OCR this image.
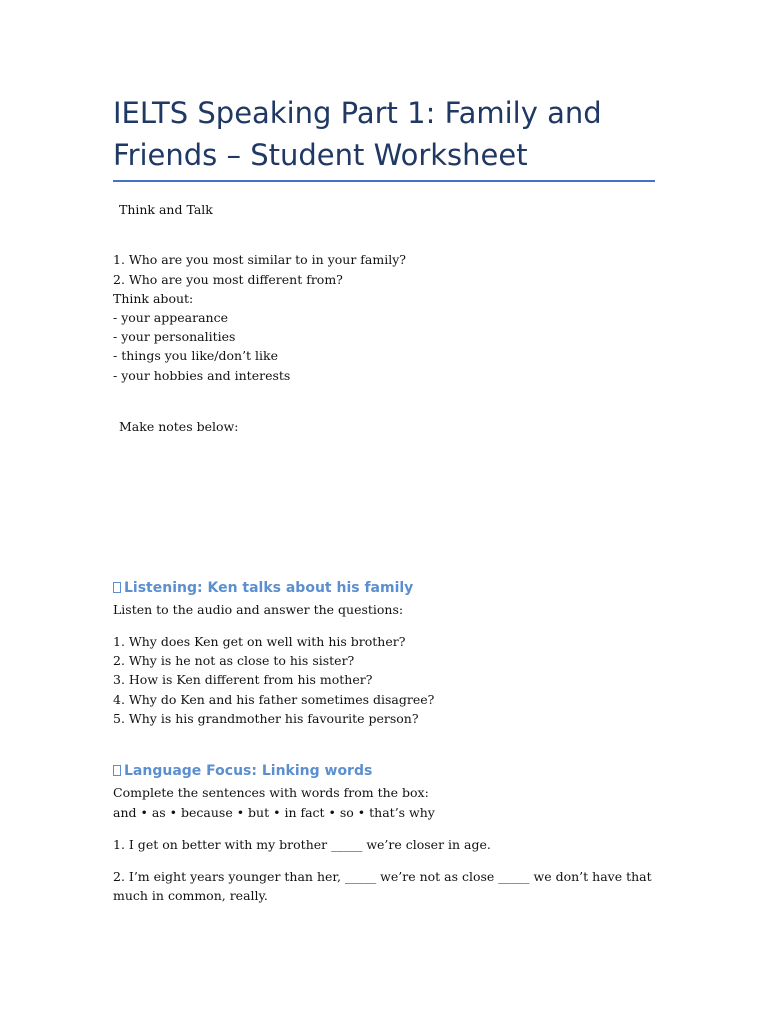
IELTS Speaking Part 1: Family and
Friends – Student Worksheet
Think and Talk
1. Who are you most similar to in your family?
2. Who are you most different from?
Think about:
- your appearance
- your personalities
- things you like/don’t like
- your hobbies and interests
Make notes below:
Listening: Ken talks about his family
Listen to the audio and answer the questions:
1. Why does Ken get on well with his brother?
2. Why is he not as close to his sister?
3. How is Ken different from his mother?
4. Why do Ken and his father sometimes disagree?
5. Why is his grandmother his favourite person?
Language Focus: Linking words
Complete the sentences with words from the box:
and • as • because • but • in fact • so • that’s why
1. I get on better with my brother _____ we’re closer in age.
2. I’m eight years younger than her, _____ we’re not as close _____ we don’t have that much in common, really.
